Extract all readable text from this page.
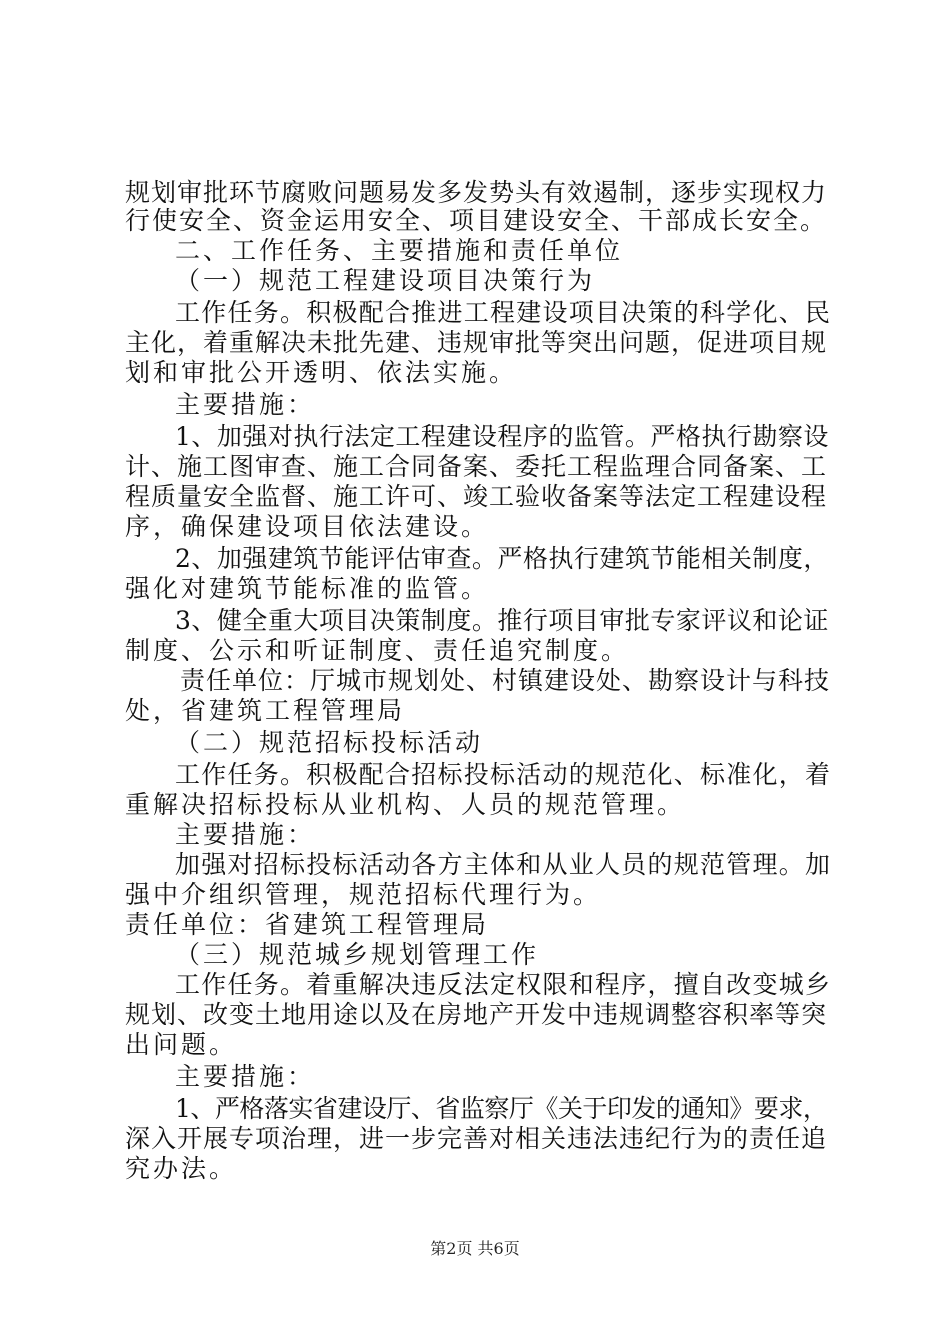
规划审批环节腐败问题易发多发势头有效遏制，逐步实现权力
行使安全、资金运用安全、项目建设安全、干部成长安全。
二、工作任务、主要措施和责任单位
（一）规范工程建设项目决策行为
工作任务。积极配合推进工程建设项目决策的科学化、民
主化，着重解决未批先建、违规审批等突出问题，促进项目规
划和审批公开透明、依法实施。
主要措施：
1、加强对执行法定工程建设程序的监管。严格执行勘察设
计、施工图审查、施工合同备案、委托工程监理合同备案、工
程质量安全监督、施工许可、竣工验收备案等法定工程建设程
序，确保建设项目依法建设。
2、加强建筑节能评估审查。严格执行建筑节能相关制度，
强化对建筑节能标准的监管。
3、健全重大项目决策制度。推行项目审批专家评议和论证
制度、公示和听证制度、责任追究制度。
责任单位：厅城市规划处、村镇建设处、勘察设计与科技
处，省建筑工程管理局
（二）规范招标投标活动
工作任务。积极配合招标投标活动的规范化、标准化，着
重解决招标投标从业机构、人员的规范管理。
主要措施：
加强对招标投标活动各方主体和从业人员的规范管理。加
强中介组织管理，规范招标代理行为。
责任单位：省建筑工程管理局
（三）规范城乡规划管理工作
工作任务。着重解决违反法定权限和程序，擅自改变城乡
规划、改变土地用途以及在房地产开发中违规调整容积率等突
出问题。
主要措施：
1、严格落实省建设厅、省监察厅《关于印发的通知》要求，
深入开展专项治理，进一步完善对相关违法违纪行为的责任追
究办法。
第2页 共6页
